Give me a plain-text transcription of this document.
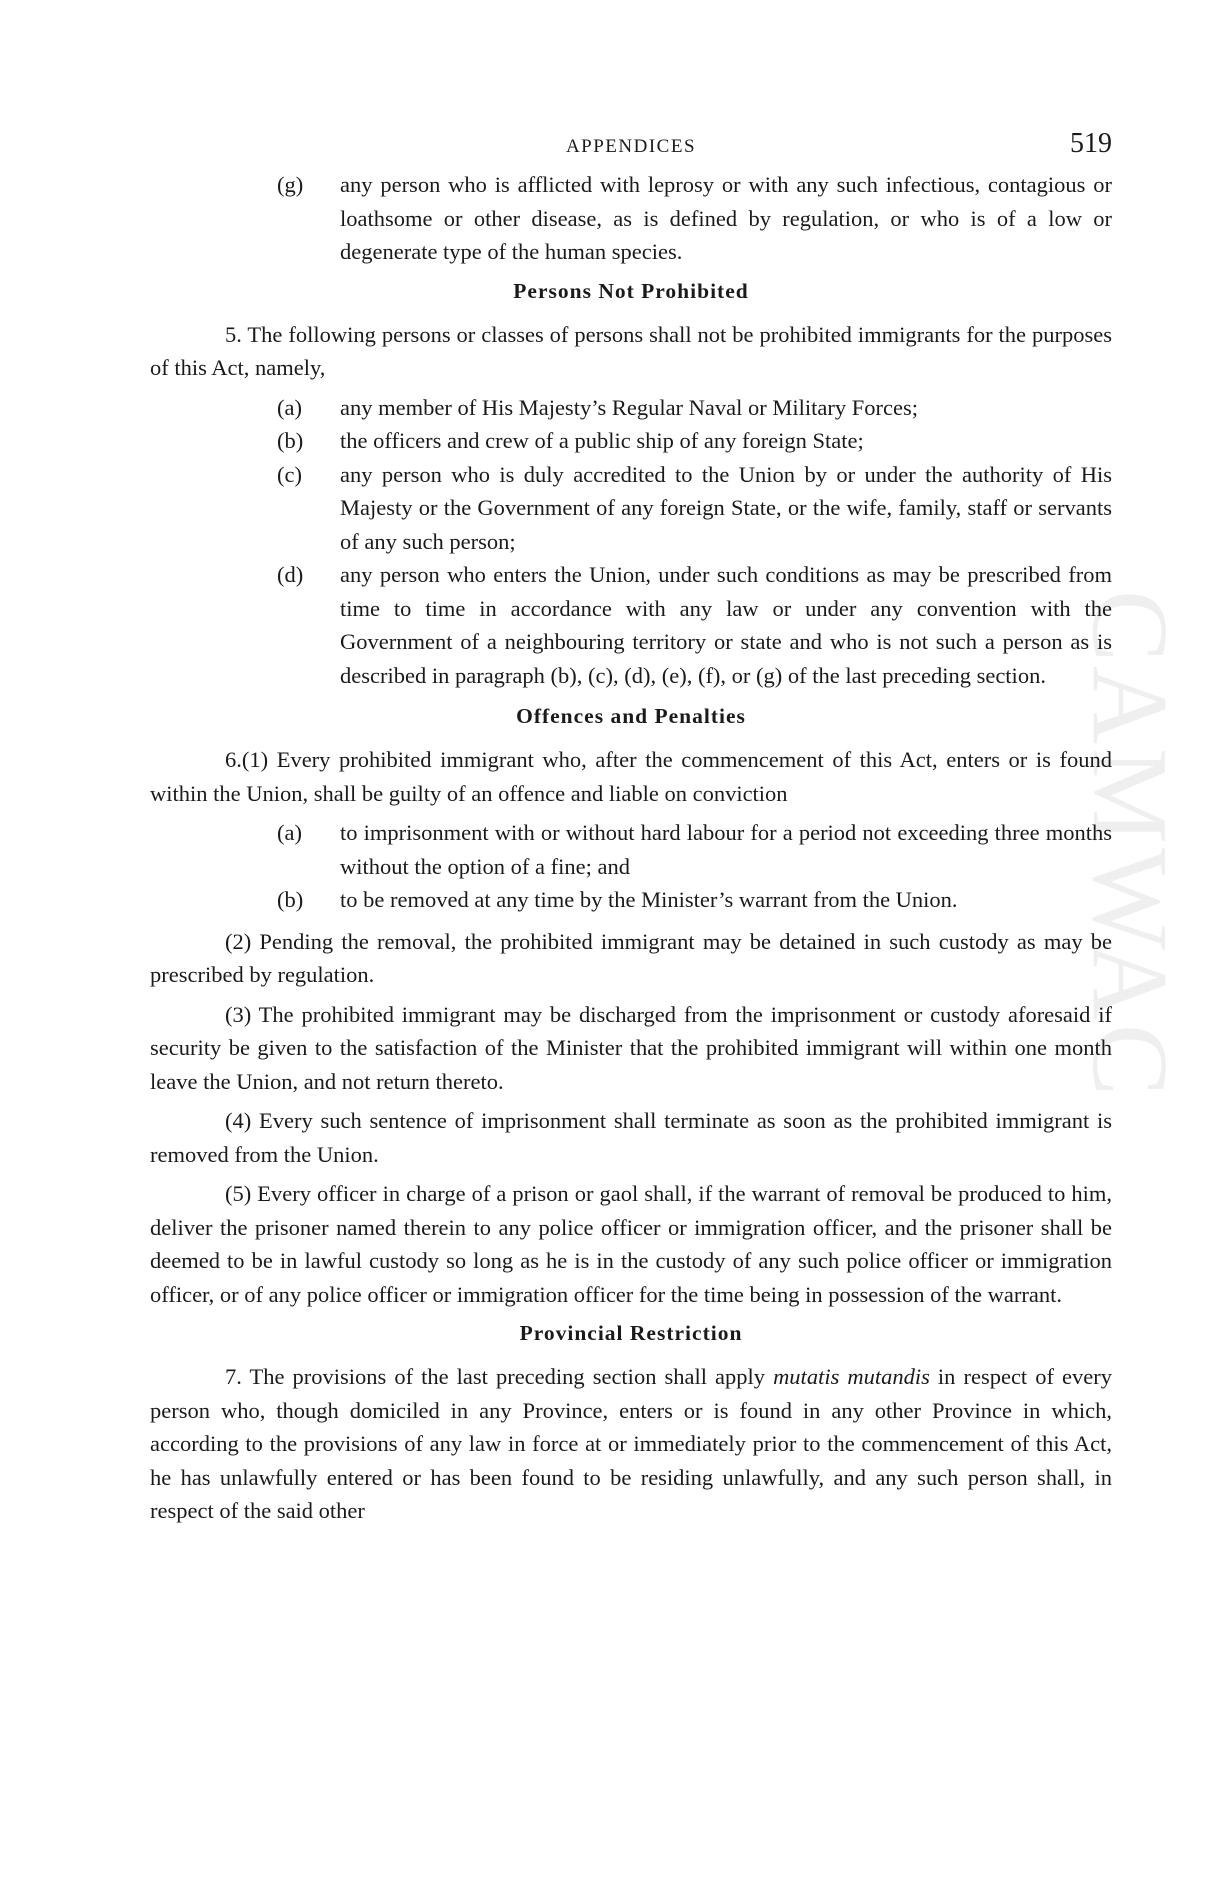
CAMWAC
APPENDICES	519
(g) any person who is afflicted with leprosy or with any such infectious, contagious or loathsome or other disease, as is defined by regulation, or who is of a low or degenerate type of the human species.
Persons Not Prohibited

5. The following persons or classes of persons shall not be prohibited immigrants for the purposes of this Act, namely,

(a) any member of His Majesty’s Regular Naval or Military Forces;
(b) the officers and crew of a public ship of any foreign State;
(c) any person who is duly accredited to the Union by or under the authority of His Majesty or the Government of any foreign State, or the wife, family, staff or servants of any such person;
(d) any person who enters the Union, under such conditions as may be prescribed from time to time in accordance with any law or under any convention with the Government of a neighbouring territory or state and who is not such a person as is described in paragraph (b), (c), (d), (e), (f), or (g) of the last preceding section.
Offences and Penalties

6.(1) Every prohibited immigrant who, after the commencement of this Act, enters or is found within the Union, shall be guilty of an offence and liable on conviction

(a) to imprisonment with or without hard labour for a period not exceeding three months without the option of a fine; and
(b) to be removed at any time by the Minister’s warrant from the Union.

(2) Pending the removal, the prohibited immigrant may be detained in such custody as may be prescribed by regulation.

(3) The prohibited immigrant may be discharged from the imprisonment or custody aforesaid if security be given to the satisfaction of the Minister that the prohibited immigrant will within one month leave the Union, and not return thereto.

(4) Every such sentence of imprisonment shall terminate as soon as the prohibited immigrant is removed from the Union.

(5) Every officer in charge of a prison or gaol shall, if the warrant of removal be produced to him, deliver the prisoner named therein to any police officer or immigration officer, and the prisoner shall be deemed to be in lawful custody so long as he is in the custody of any such police officer or immigration officer, or of any police officer or immigration officer for the time being in possession of the warrant.

Provincial Restriction

7. The provisions of the last preceding section shall apply mutatis mutandis in respect of every person who, though domiciled in any Province, enters or is found in any other Province in which, according to the provisions of any law in force at or immediately prior to the commencement of this Act, he has unlawfully entered or has been found to be residing unlawfully, and any such person shall, in respect of the said other
